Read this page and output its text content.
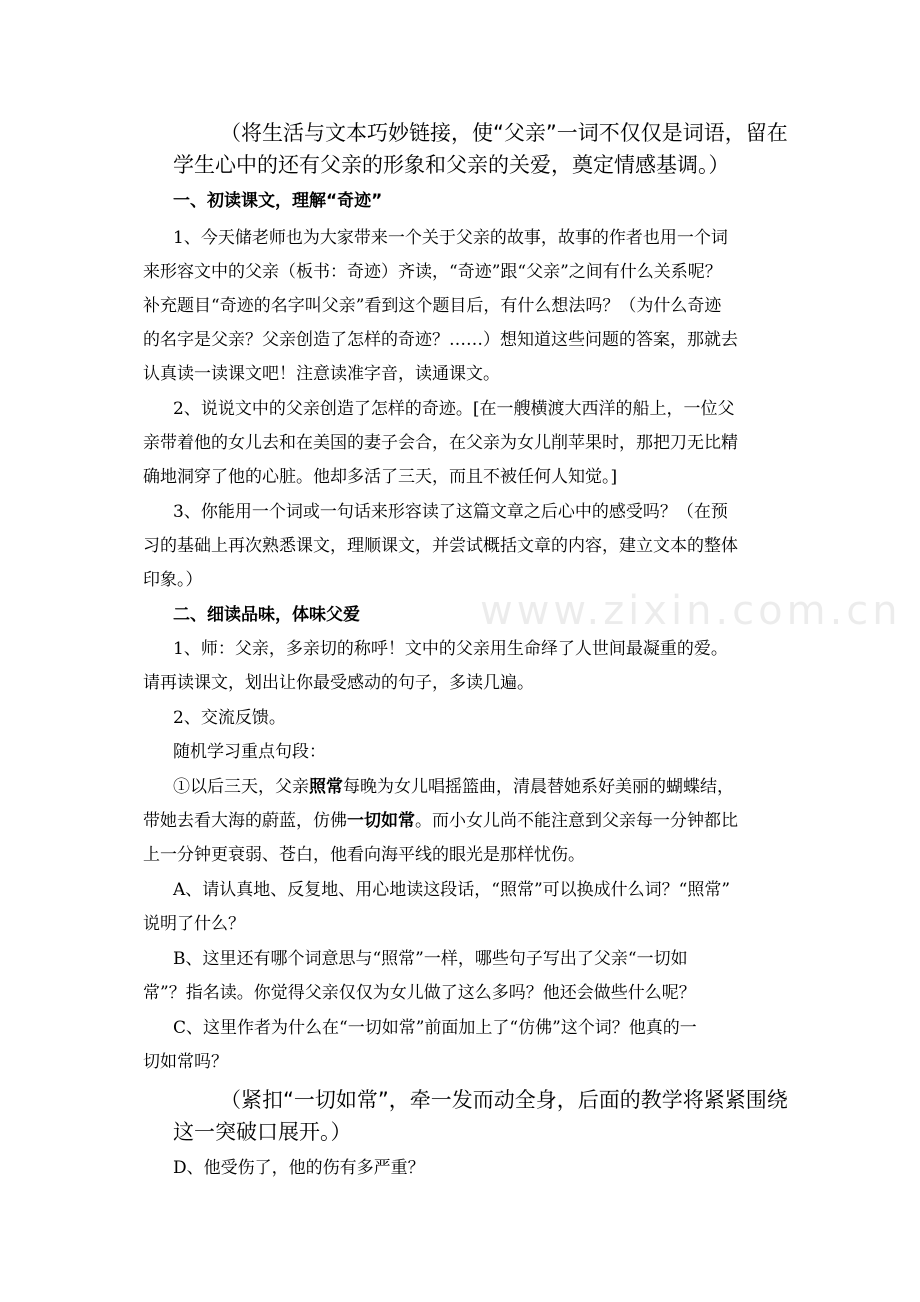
www.zixin.com.cn
（将生活与文本巧妙链接，使“父亲”一词不仅仅是词语，留在
学生心中的还有父亲的形象和父亲的关爱，奠定情感基调。）
一、初读课文，理解“奇迹”
1、今天储老师也为大家带来一个关于父亲的故事，故事的作者也用一个词
来形容文中的父亲（板书：奇迹）齐读，“奇迹”跟“父亲”之间有什么关系呢？
补充题目“奇迹的名字叫父亲”看到这个题目后，有什么想法吗？（为什么奇迹
的名字是父亲？父亲创造了怎样的奇迹？……）想知道这些问题的答案，那就去
认真读一读课文吧！注意读准字音，读通课文。
2、说说文中的父亲创造了怎样的奇迹。[在一艘横渡大西洋的船上，一位父
亲带着他的女儿去和在美国的妻子会合，在父亲为女儿削苹果时，那把刀无比精
确地洞穿了他的心脏。他却多活了三天，而且不被任何人知觉。]
3、你能用一个词或一句话来形容读了这篇文章之后心中的感受吗？（在预
习的基础上再次熟悉课文，理顺课文，并尝试概括文章的内容，建立文本的整体
印象。）
二、细读品味，体味父爱
1、师：父亲，多亲切的称呼！文中的父亲用生命绎了人世间最凝重的爱。
请再读课文，划出让你最受感动的句子，多读几遍。
2、交流反馈。
随机学习重点句段：
①以后三天，父亲照常每晚为女儿唱摇篮曲，清晨替她系好美丽的蝴蝶结，
带她去看大海的蔚蓝，仿佛一切如常。而小女儿尚不能注意到父亲每一分钟都比
上一分钟更衰弱、苍白，他看向海平线的眼光是那样忧伤。
A、请认真地、反复地、用心地读这段话，“照常”可以换成什么词？“照常”
说明了什么？
B、这里还有哪个词意思与“照常”一样，哪些句子写出了父亲“一切如
常”？指名读。你觉得父亲仅仅为女儿做了这么多吗？他还会做些什么呢？
C、这里作者为什么在“一切如常”前面加上了“仿佛”这个词？他真的一
切如常吗？
（紧扣“一切如常”，牵一发而动全身，后面的教学将紧紧围绕
这一突破口展开。）
D、他受伤了，他的伤有多严重？
